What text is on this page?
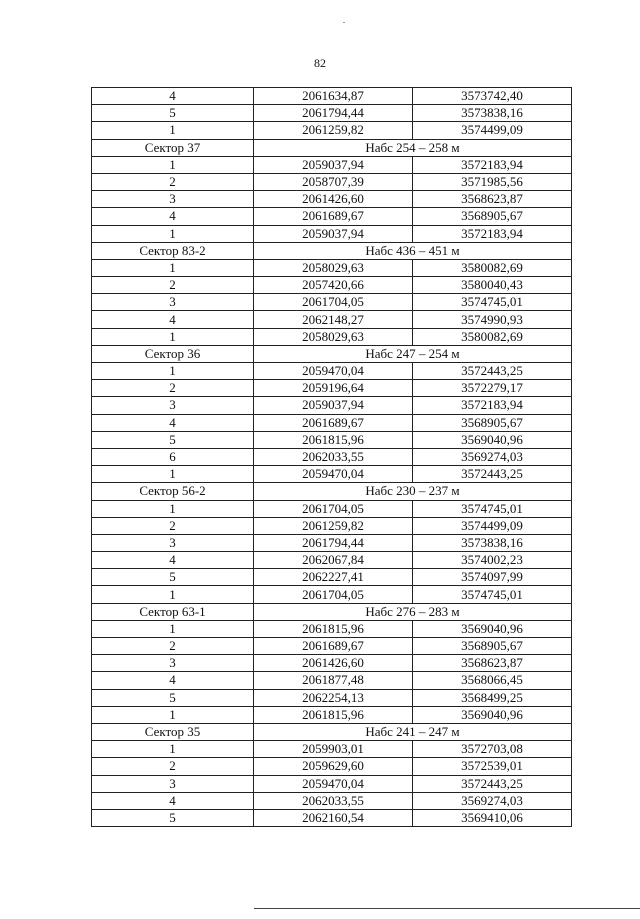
82
4	2061634,87	3573742,40
5	2061794,44	3573838,16
1	2061259,82	3574499,09
Сектор 37	Набс 254 – 258 м	
1	2059037,94	3572183,94
2	2058707,39	3571985,56
3	2061426,60	3568623,87
4	2061689,67	3568905,67
1	2059037,94	3572183,94
Сектор 83-2	Набс 436 – 451 м	
1	2058029,63	3580082,69
2	2057420,66	3580040,43
3	2061704,05	3574745,01
4	2062148,27	3574990,93
1	2058029,63	3580082,69
Сектор 36	Набс 247 – 254 м	
1	2059470,04	3572443,25
2	2059196,64	3572279,17
3	2059037,94	3572183,94
4	2061689,67	3568905,67
5	2061815,96	3569040,96
6	2062033,55	3569274,03
1	2059470,04	3572443,25
Сектор 56-2	Набс 230 – 237 м	
1	2061704,05	3574745,01
2	2061259,82	3574499,09
3	2061794,44	3573838,16
4	2062067,84	3574002,23
5	2062227,41	3574097,99
1	2061704,05	3574745,01
Сектор 63-1	Набс 276 – 283 м	
1	2061815,96	3569040,96
2	2061689,67	3568905,67
3	2061426,60	3568623,87
4	2061877,48	3568066,45
5	2062254,13	3568499,25
1	2061815,96	3569040,96
Сектор 35	Набс 241 – 247 м	
1	2059903,01	3572703,08
2	2059629,60	3572539,01
3	2059470,04	3572443,25
4	2062033,55	3569274,03
5	2062160,54	3569410,06
